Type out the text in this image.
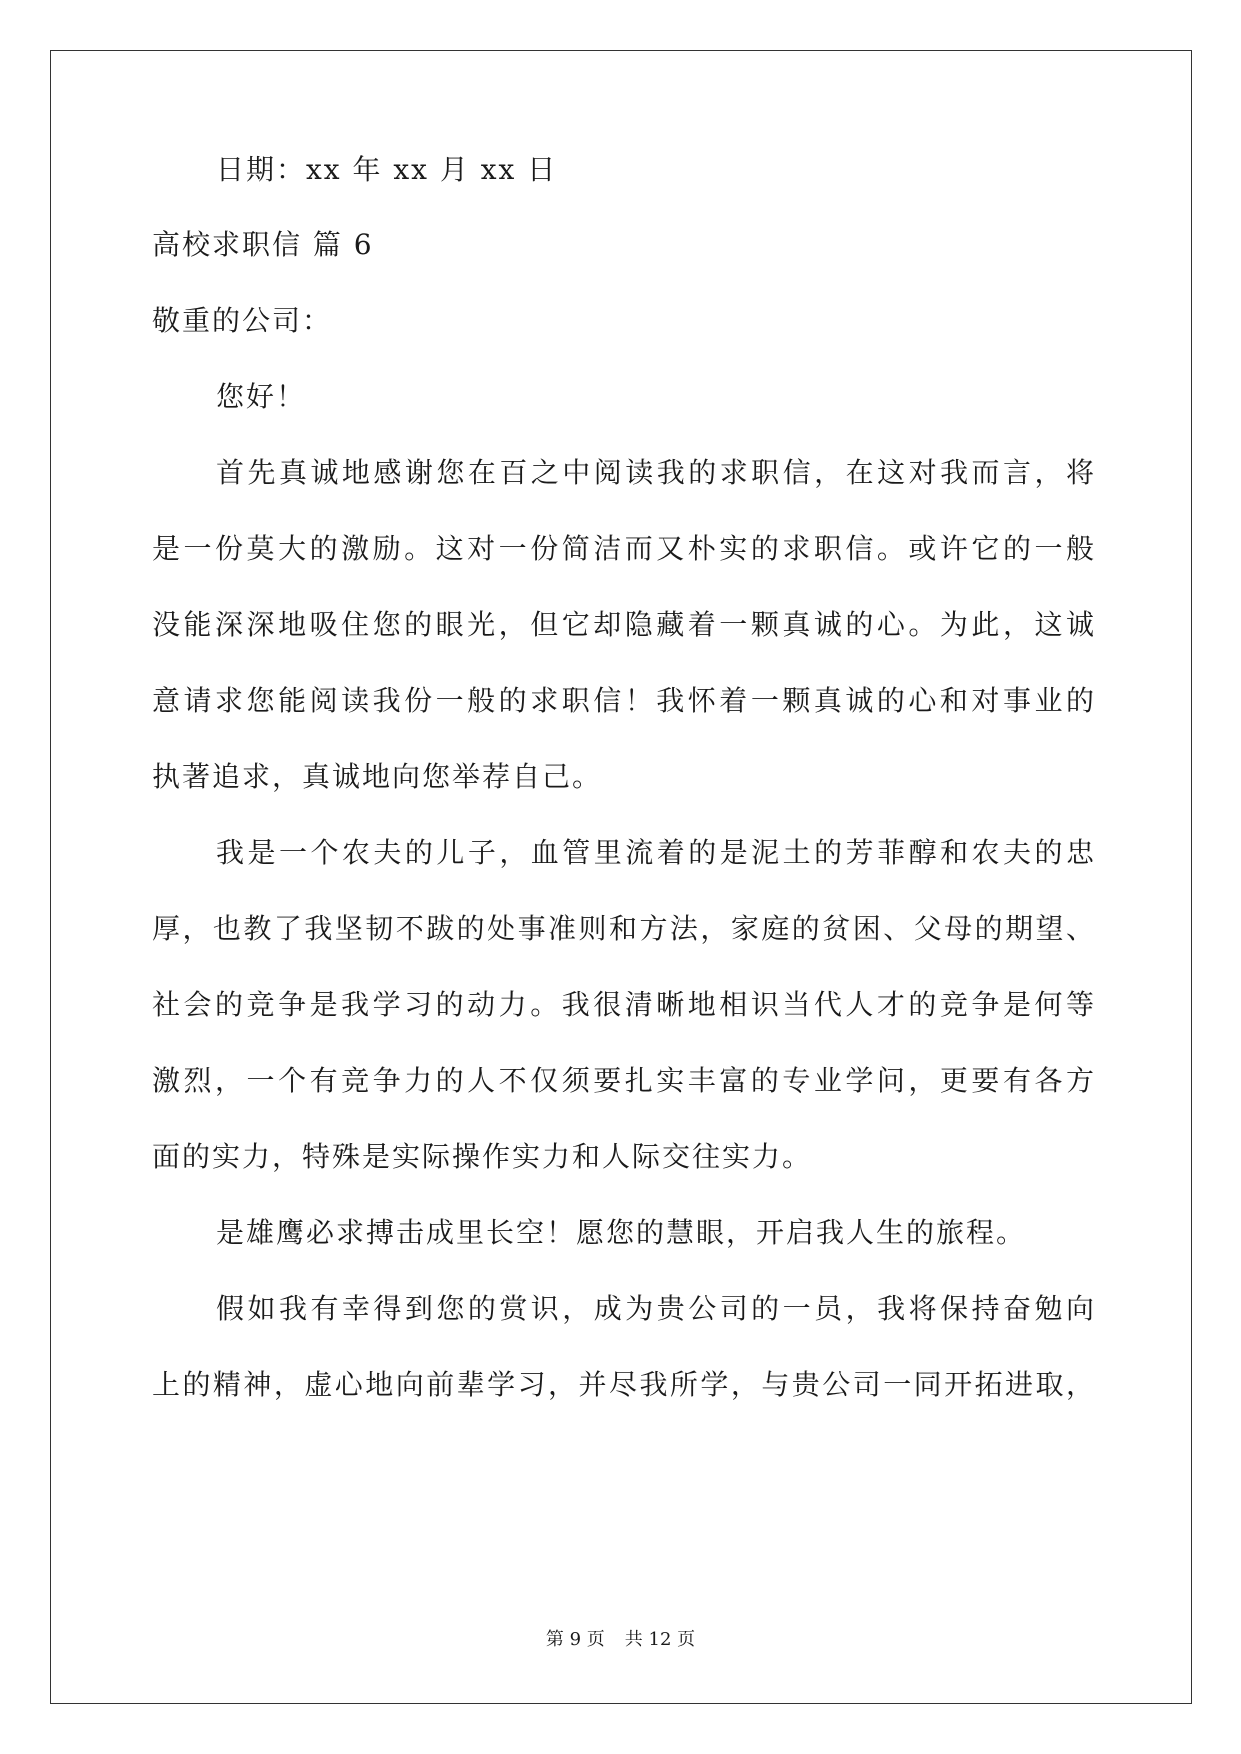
日期：xx 年 xx 月 xx 日
高校求职信 篇 6
敬重的公司：
您好！
首先真诚地感谢您在百之中阅读我的求职信，在这对我而言，将
是一份莫大的激励。这对一份简洁而又朴实的求职信。或许它的一般
没能深深地吸住您的眼光，但它却隐藏着一颗真诚的心。为此，这诚
意请求您能阅读我份一般的求职信！我怀着一颗真诚的心和对事业的
执著追求，真诚地向您举荐自己。
我是一个农夫的儿子，血管里流着的是泥土的芳菲醇和农夫的忠
厚，也教了我坚韧不跋的处事准则和方法，家庭的贫困、父母的期望、
社会的竞争是我学习的动力。我很清晰地相识当代人才的竞争是何等
激烈，一个有竞争力的人不仅须要扎实丰富的专业学问，更要有各方
面的实力，特殊是实际操作实力和人际交往实力。
是雄鹰必求搏击成里长空！愿您的慧眼，开启我人生的旅程。
假如我有幸得到您的赏识，成为贵公司的一员，我将保持奋勉向
上的精神，虚心地向前辈学习，并尽我所学，与贵公司一同开拓进取，
第 9 页 共 12 页
